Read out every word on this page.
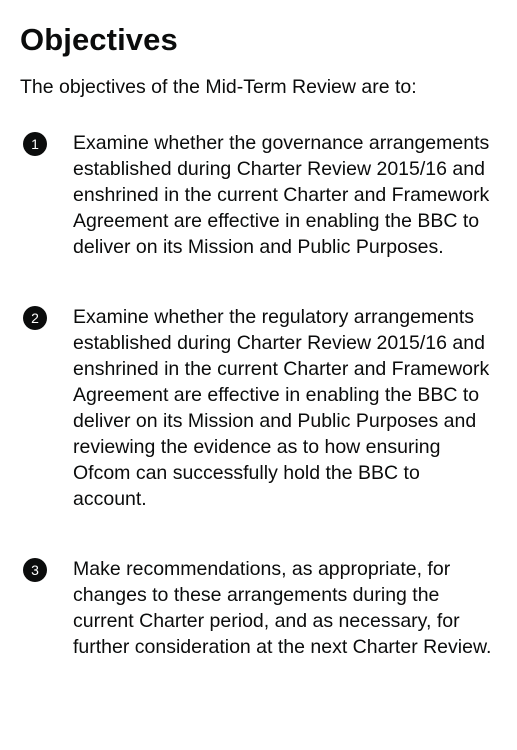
Objectives

The objectives of the Mid-Term Review are to:

1	Examine whether the governance arrangements established during Charter Review 2015/16 and enshrined in the current Charter and Framework Agreement are effective in enabling the BBC to deliver on its Mission and Public Purposes.

2	Examine whether the regulatory arrangements established during Charter Review 2015/16 and enshrined in the current Charter and Framework Agreement are effective in enabling the BBC to deliver on its Mission and Public Purposes and reviewing the evidence as to how ensuring Ofcom can successfully hold the BBC to account.

3	Make recommendations, as appropriate, for changes to these arrangements during the current Charter period, and as necessary, for further consideration at the next Charter Review.
